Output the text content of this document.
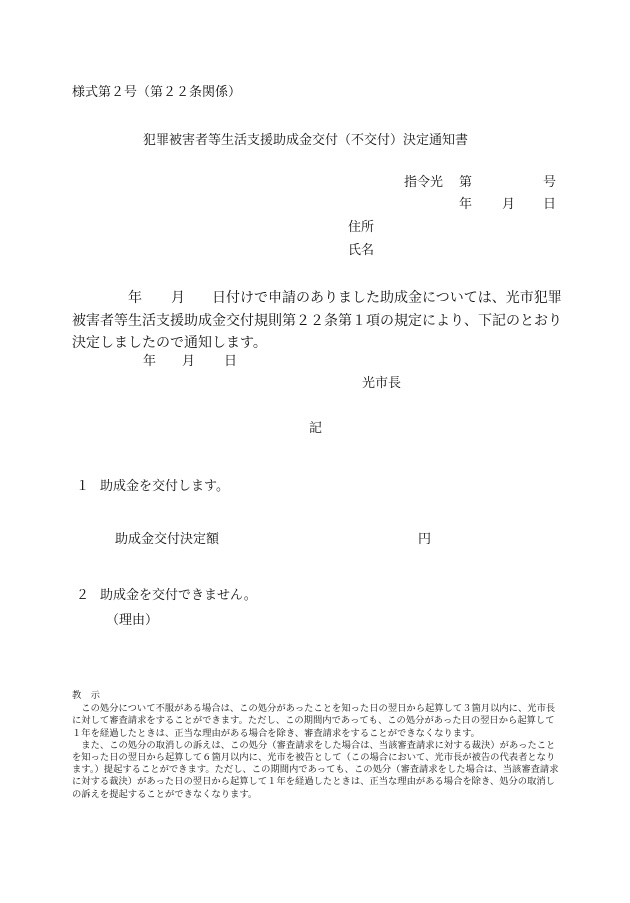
様式第２号（第２２条関係）
犯罪被害者等生活支援助成金交付（不交付）決定通知書
指令光 第	号
年 月 日
住所
氏名
年 月 日付けで申請のありました助成金については、光市犯罪
被害者等生活支援助成金交付規則第２２条第１項の規定により、下記のとおり
決定しましたので通知します。
年 月 日
光市長
記
１ 助成金を交付します。
助成金交付決定額	円
２ 助成金を交付できません。
（理由）
教　示

この処分について不服がある場合は、この処分があったことを知った日の翌日から起算して３箇月以内に、光市長に対して審査請求をすることができます。ただし、この期間内であっても、この処分があった日の翌日から起算して１年を経過したときは、正当な理由がある場合を除き、審査請求をすることができなくなります。

また、この処分の取消しの訴えは、この処分（審査請求をした場合は、当該審査請求に対する裁決）があったことを知った日の翌日から起算して６箇月以内に、光市を被告として（この場合において、光市長が被告の代表者となります。）提起することができます。ただし、この期間内であっても、この処分（審査請求をした場合は、当該審査請求に対する裁決）があった日の翌日から起算して１年を経過したときは、正当な理由がある場合を除き、処分の取消しの訴えを提起することができなくなります。
